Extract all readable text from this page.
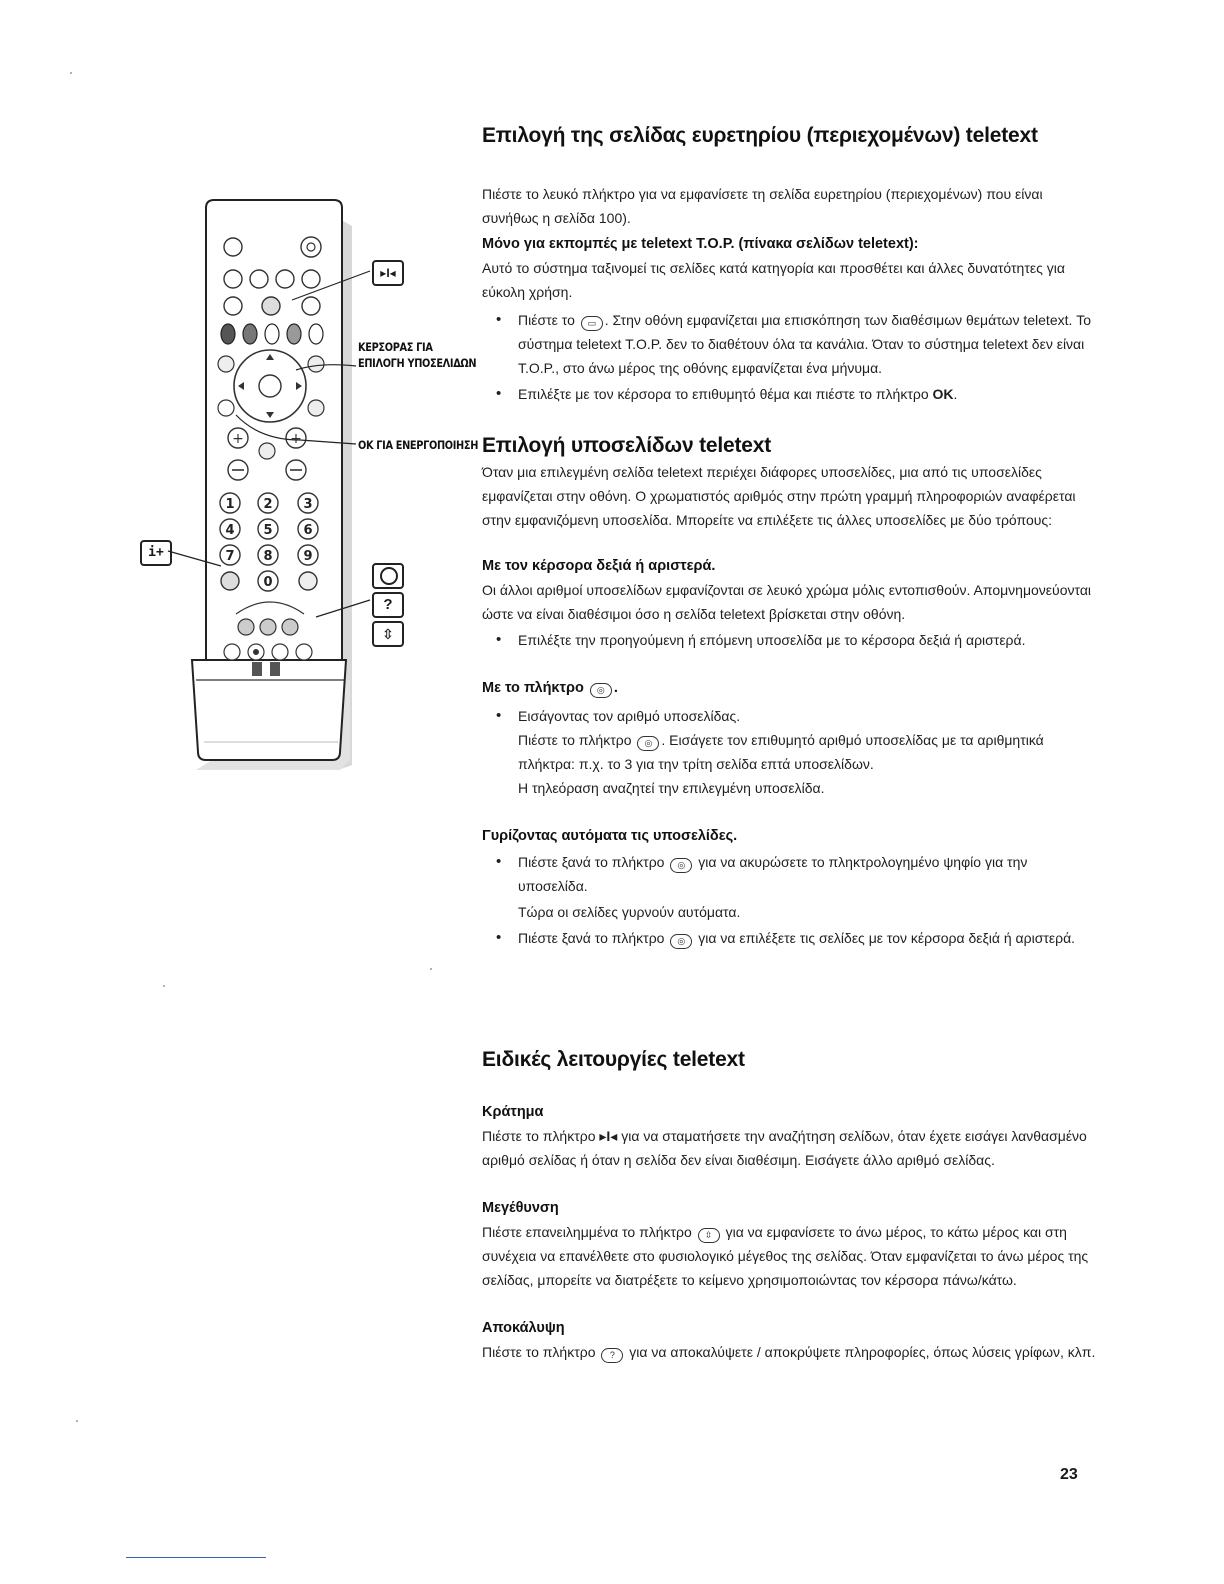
+	+
1 2 3
4 5 6
7 8 9
0
▸I◂
i+
?
⇳
ΚΕΡΣΟΡΑΣ ΓΙΑ
ΕΠΙΛΟΓΗ ΥΠΟΣΕΛΙΔΩΝ
ΟΚ ΓΙΑ ΕΝΕΡΓΟΠΟΙΗΣΗ
Επιλογή της σελίδας ευρετηρίου (περιεχομένων) teletext

Πιέστε το λευκό πλήκτρο για να εμφανίσετε τη σελίδα ευρετηρίου (περιεχομένων) που είναι συνήθως η σελίδα 100).

Μόνο για εκπομπές με teletext T.O.P. (πίνακα σελίδων teletext):

Αυτό το σύστημα ταξινομεί τις σελίδες κατά κατηγορία και προσθέτει και άλλες δυνατότητες για εύκολη χρήση.

• Πιέστε το ▭ . Στην οθόνη εμφανίζεται μια επισκόπηση των διαθέσιμων θεμάτων teletext. Το σύστημα teletext T.O.P. δεν το διαθέτουν όλα τα κανάλια. Όταν το σύστημα teletext δεν είναι T.O.P., στο άνω μέρος της οθόνης εμφανίζεται ένα μήνυμα.
• Επιλέξτε με τον κέρσορα το επιθυμητό θέμα και πιέστε το πλήκτρο OK.
Επιλογή υποσελίδων teletext

Όταν μια επιλεγμένη σελίδα teletext περιέχει διάφορες υποσελίδες, μια από τις υποσελίδες εμφανίζεται στην οθόνη. Ο χρωματιστός αριθμός στην πρώτη γραμμή πληροφοριών αναφέρεται στην εμφανιζόμενη υποσελίδα. Μπορείτε να επιλέξετε τις άλλες υποσελίδες με δύο τρόπους:

Με τον κέρσορα δεξιά ή αριστερά.

Οι άλλοι αριθμοί υποσελίδων εμφανίζονται σε λευκό χρώμα μόλις εντοπισθούν. Απομνημονεύονται ώστε να είναι διαθέσιμοι όσο η σελίδα teletext βρίσκεται στην οθόνη.

• Επιλέξτε την προηγούμενη ή επόμενη υποσελίδα με το κέρσορα δεξιά ή αριστερά.
Με το πλήκτρο ◎ .
• Εισάγοντας τον αριθμό υποσελίδας.
Πιέστε το πλήκτρο ◎ . Εισάγετε τον επιθυμητό αριθμό υποσελίδας με τα αριθμητικά πλήκτρα: π.χ. το 3 για την τρίτη σελίδα επτά υποσελίδων.
Η τηλεόραση αναζητεί την επιλεγμένη υποσελίδα.
Γυρίζοντας αυτόματα τις υποσελίδες.
• Πιέστε ξανά το πλήκτρο ◎ για να ακυρώσετε το πληκτρολογημένο ψηφίο για την υποσελίδα.
Τώρα οι σελίδες γυρνούν αυτόματα.
• Πιέστε ξανά το πλήκτρο ◎ για να επιλέξετε τις σελίδες με τον κέρσορα δεξιά ή αριστερά.
Ειδικές λειτουργίες teletext
Κράτημα

Πιέστε το πλήκτρο ▸I◂ για να σταματήσετε την αναζήτηση σελίδων, όταν έχετε εισάγει λανθασμένο αριθμό σελίδας ή όταν η σελίδα δεν είναι διαθέσιμη. Εισάγετε άλλο αριθμό σελίδας.

Μεγέθυνση

Πιέστε επανειλημμένα το πλήκτρο ⇳ για να εμφανίσετε το άνω μέρος, το κάτω μέρος και στη συνέχεια να επανέλθετε στο φυσιολογικό μέγεθος της σελίδας. Όταν εμφανίζεται το άνω μέρος της σελίδας, μπορείτε να διατρέξετε το κείμενο χρησιμοποιώντας τον κέρσορα πάνω/κάτω.

Αποκάλυψη

Πιέστε το πλήκτρο ? για να αποκαλύψετε / αποκρύψετε πληροφορίες, όπως λύσεις γρίφων, κλπ.

23
